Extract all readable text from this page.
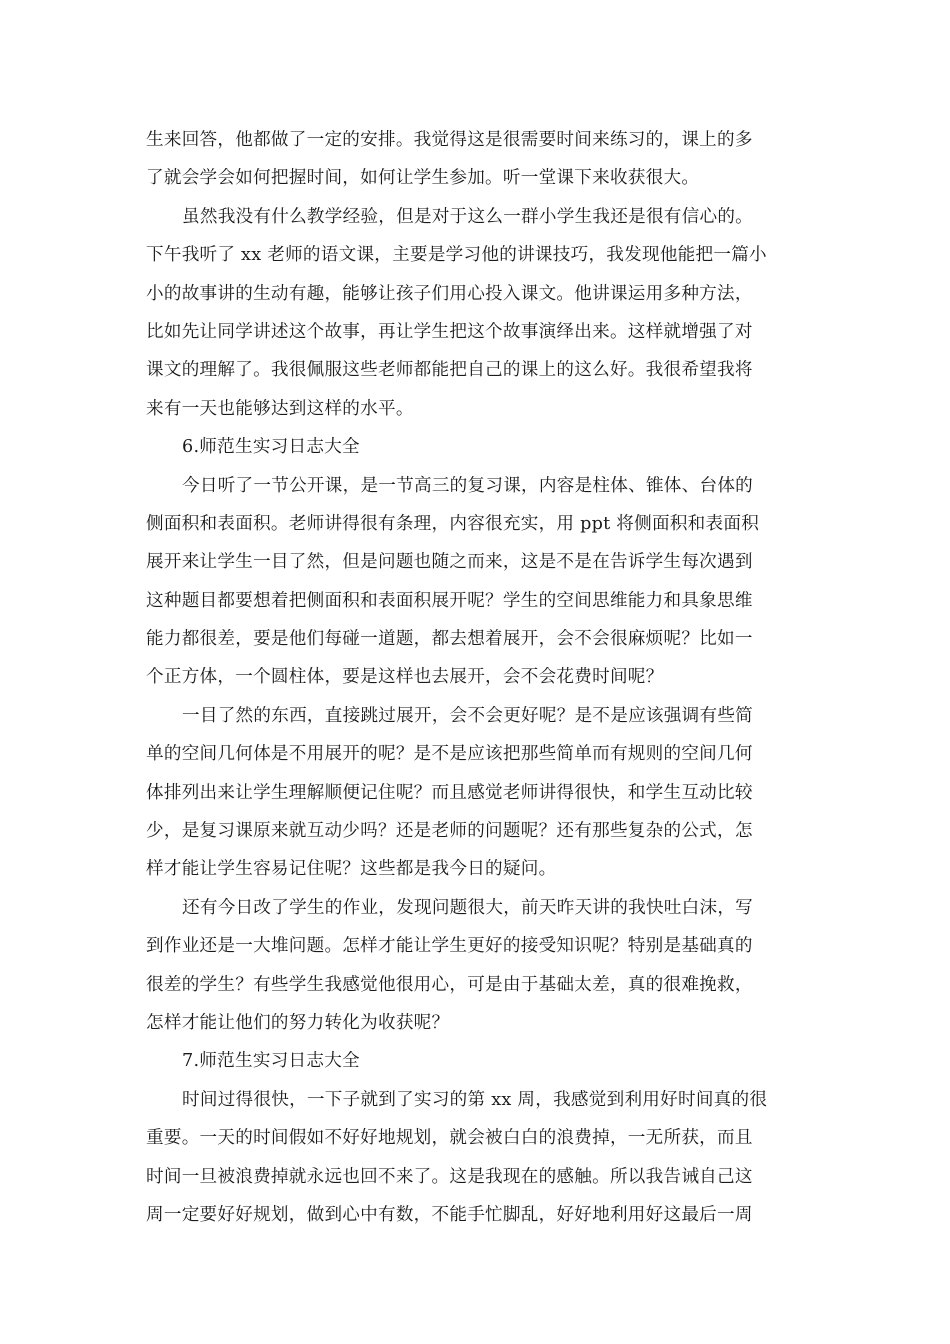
生来回答，他都做了一定的安排。我觉得这是很需要时间来练习的，课上的多
了就会学会如何把握时间，如何让学生参加。听一堂课下来收获很大。
虽然我没有什么教学经验，但是对于这么一群小学生我还是很有信心的。
下午我听了 xx 老师的语文课，主要是学习他的讲课技巧，我发现他能把一篇小
小的故事讲的生动有趣，能够让孩子们用心投入课文。他讲课运用多种方法，
比如先让同学讲述这个故事，再让学生把这个故事演绎出来。这样就增强了对
课文的理解了。我很佩服这些老师都能把自己的课上的这么好。我很希望我将
来有一天也能够达到这样的水平。
6.师范生实习日志大全
今日听了一节公开课，是一节高三的复习课，内容是柱体、锥体、台体的
侧面积和表面积。老师讲得很有条理，内容很充实，用 ppt 将侧面积和表面积
展开来让学生一目了然，但是问题也随之而来，这是不是在告诉学生每次遇到
这种题目都要想着把侧面积和表面积展开呢？学生的空间思维能力和具象思维
能力都很差，要是他们每碰一道题，都去想着展开，会不会很麻烦呢？比如一
个正方体，一个圆柱体，要是这样也去展开，会不会花费时间呢？
一目了然的东西，直接跳过展开，会不会更好呢？是不是应该强调有些简
单的空间几何体是不用展开的呢？是不是应该把那些简单而有规则的空间几何
体排列出来让学生理解顺便记住呢？而且感觉老师讲得很快，和学生互动比较
少，是复习课原来就互动少吗？还是老师的问题呢？还有那些复杂的公式，怎
样才能让学生容易记住呢？这些都是我今日的疑问。
还有今日改了学生的作业，发现问题很大，前天昨天讲的我快吐白沫，写
到作业还是一大堆问题。怎样才能让学生更好的接受知识呢？特别是基础真的
很差的学生？有些学生我感觉他很用心，可是由于基础太差，真的很难挽救，
怎样才能让他们的努力转化为收获呢？
7.师范生实习日志大全
时间过得很快，一下子就到了实习的第 xx 周，我感觉到利用好时间真的很
重要。一天的时间假如不好好地规划，就会被白白的浪费掉，一无所获，而且
时间一旦被浪费掉就永远也回不来了。这是我现在的感触。所以我告诫自己这
周一定要好好规划，做到心中有数，不能手忙脚乱，好好地利用好这最后一周
